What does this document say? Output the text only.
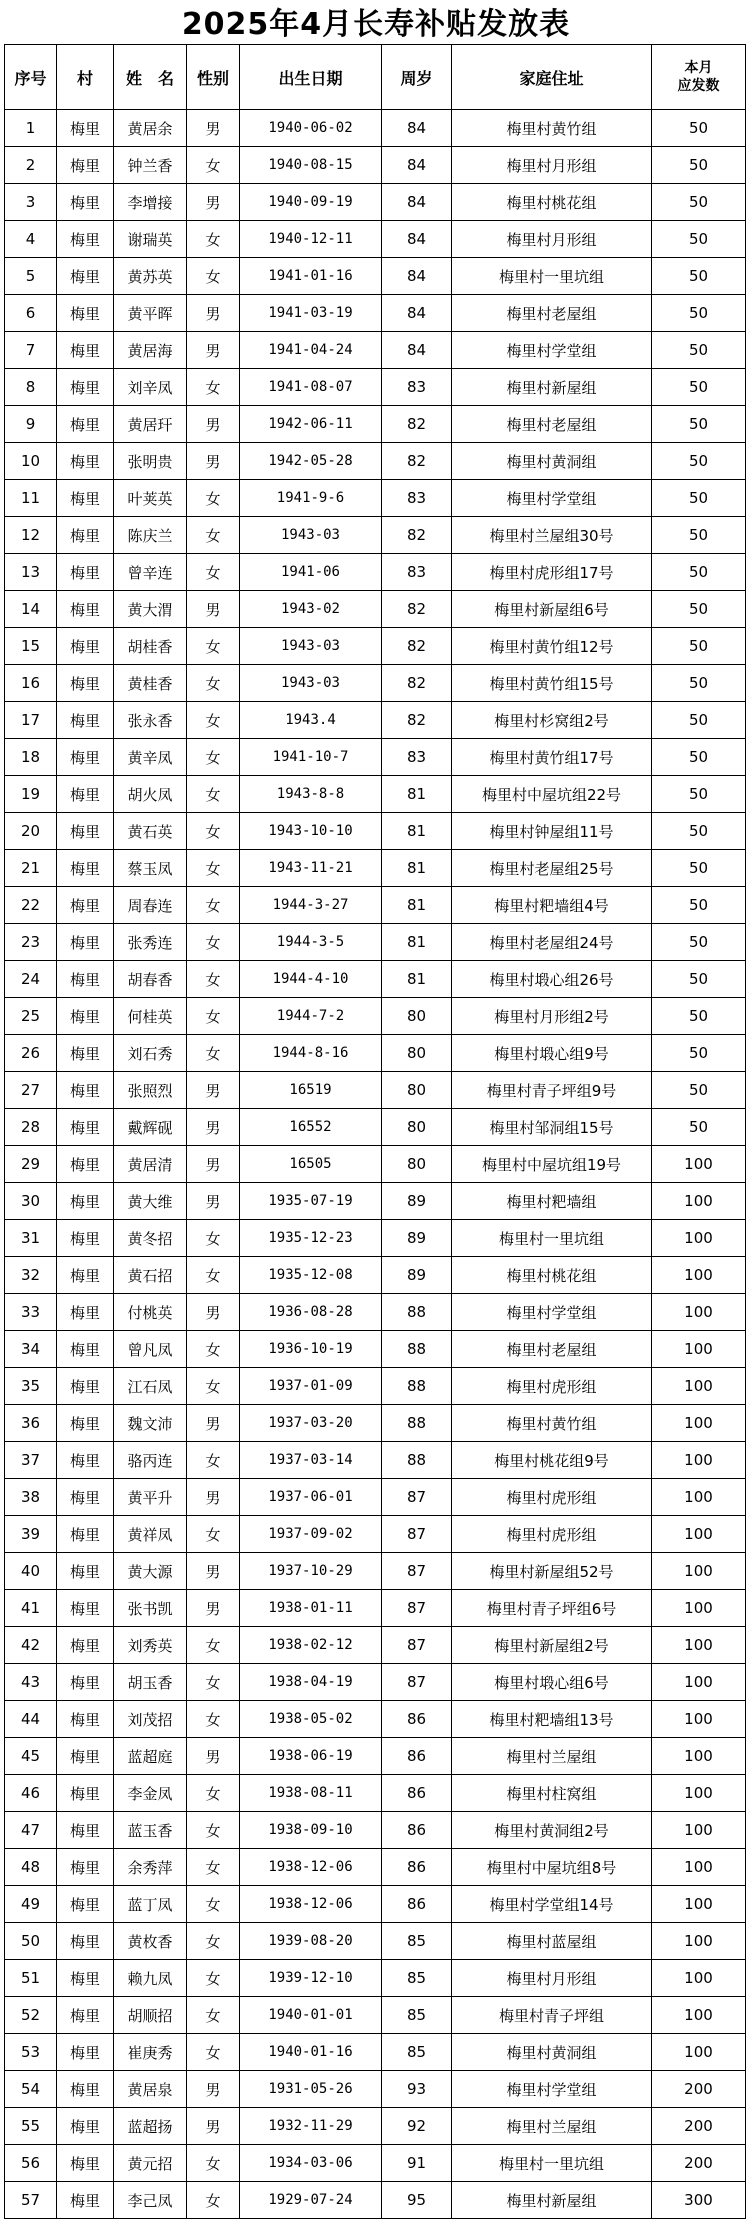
2025年4月长寿补贴发放表
序号	村	姓　名	性别	出生日期	周岁	家庭住址	本月
应发数
1	梅里	黄居余	男	1940-06-02	84	梅里村黄竹组	50
2	梅里	钟兰香	女	1940-08-15	84	梅里村月形组	50
3	梅里	李增接	男	1940-09-19	84	梅里村桃花组	50
4	梅里	谢瑞英	女	1940-12-11	84	梅里村月形组	50
5	梅里	黄苏英	女	1941-01-16	84	梅里村一里坑组	50
6	梅里	黄平晖	男	1941-03-19	84	梅里村老屋组	50
7	梅里	黄居海	男	1941-04-24	84	梅里村学堂组	50
8	梅里	刘辛凤	女	1941-08-07	83	梅里村新屋组	50
9	梅里	黄居玕	男	1942-06-11	82	梅里村老屋组	50
10	梅里	张明贵	男	1942-05-28	82	梅里村黄洞组	50
11	梅里	叶荚英	女	1941-9-6	83	梅里村学堂组	50
12	梅里	陈庆兰	女	1943-03	82	梅里村兰屋组30号	50
13	梅里	曾辛连	女	1941-06	83	梅里村虎形组17号	50
14	梅里	黄大渭	男	1943-02	82	梅里村新屋组6号	50
15	梅里	胡桂香	女	1943-03	82	梅里村黄竹组12号	50
16	梅里	黄桂香	女	1943-03	82	梅里村黄竹组15号	50
17	梅里	张永香	女	1943.4	82	梅里村杉窝组2号	50
18	梅里	黄辛凤	女	1941-10-7	83	梅里村黄竹组17号	50
19	梅里	胡火凤	女	1943-8-8	81	梅里村中屋坑组22号	50
20	梅里	黄石英	女	1943-10-10	81	梅里村钟屋组11号	50
21	梅里	蔡玉凤	女	1943-11-21	81	梅里村老屋组25号	50
22	梅里	周春连	女	1944-3-27	81	梅里村粑墙组4号	50
23	梅里	张秀连	女	1944-3-5	81	梅里村老屋组24号	50
24	梅里	胡春香	女	1944-4-10	81	梅里村塅心组26号	50
25	梅里	何桂英	女	1944-7-2	80	梅里村月形组2号	50
26	梅里	刘石秀	女	1944-8-16	80	梅里村塅心组9号	50
27	梅里	张照烈	男	16519	80	梅里村青子坪组9号	50
28	梅里	戴辉砚	男	16552	80	梅里村邹洞组15号	50
29	梅里	黄居清	男	16505	80	梅里村中屋坑组19号	100
30	梅里	黄大维	男	1935-07-19	89	梅里村粑墙组	100
31	梅里	黄冬招	女	1935-12-23	89	梅里村一里坑组	100
32	梅里	黄石招	女	1935-12-08	89	梅里村桃花组	100
33	梅里	付桃英	男	1936-08-28	88	梅里村学堂组	100
34	梅里	曾凡凤	女	1936-10-19	88	梅里村老屋组	100
35	梅里	江石凤	女	1937-01-09	88	梅里村虎形组	100
36	梅里	魏文沛	男	1937-03-20	88	梅里村黄竹组	100
37	梅里	骆丙连	女	1937-03-14	88	梅里村桃花组9号	100
38	梅里	黄平升	男	1937-06-01	87	梅里村虎形组	100
39	梅里	黄祥凤	女	1937-09-02	87	梅里村虎形组	100
40	梅里	黄大源	男	1937-10-29	87	梅里村新屋组52号	100
41	梅里	张书凯	男	1938-01-11	87	梅里村青子坪组6号	100
42	梅里	刘秀英	女	1938-02-12	87	梅里村新屋组2号	100
43	梅里	胡玉香	女	1938-04-19	87	梅里村塅心组6号	100
44	梅里	刘茂招	女	1938-05-02	86	梅里村粑墙组13号	100
45	梅里	蓝超庭	男	1938-06-19	86	梅里村兰屋组	100
46	梅里	李金凤	女	1938-08-11	86	梅里村柱窝组	100
47	梅里	蓝玉香	女	1938-09-10	86	梅里村黄洞组2号	100
48	梅里	余秀萍	女	1938-12-06	86	梅里村中屋坑组8号	100
49	梅里	蓝丁凤	女	1938-12-06	86	梅里村学堂组14号	100
50	梅里	黄枚香	女	1939-08-20	85	梅里村蓝屋组	100
51	梅里	赖九凤	女	1939-12-10	85	梅里村月形组	100
52	梅里	胡顺招	女	1940-01-01	85	梅里村青子坪组	100
53	梅里	崔庚秀	女	1940-01-16	85	梅里村黄洞组	100
54	梅里	黄居泉	男	1931-05-26	93	梅里村学堂组	200
55	梅里	蓝超扬	男	1932-11-29	92	梅里村兰屋组	200
56	梅里	黄元招	女	1934-03-06	91	梅里村一里坑组	200
57	梅里	李己凤	女	1929-07-24	95	梅里村新屋组	300
